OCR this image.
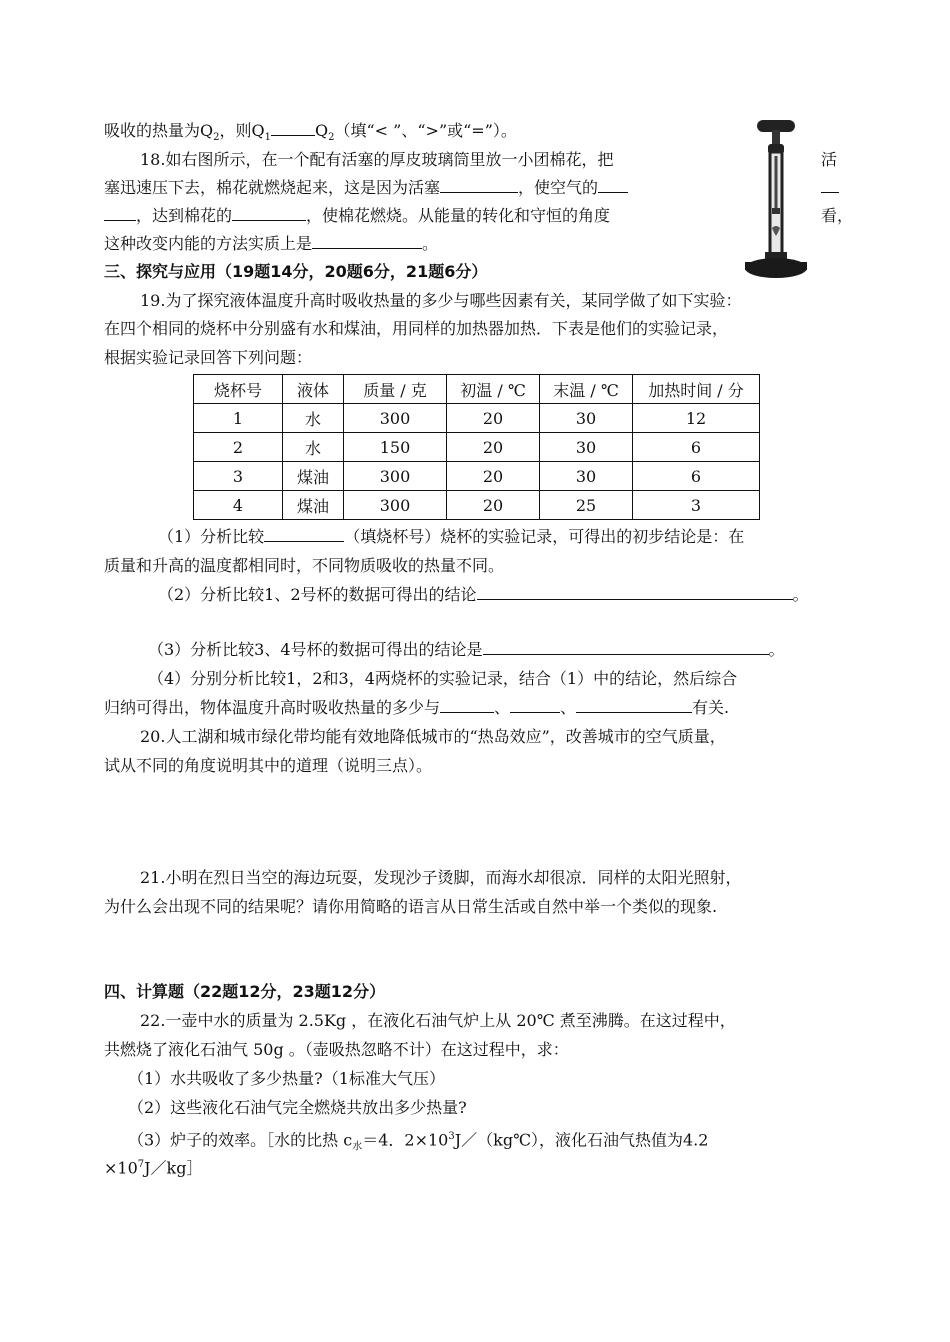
吸收的热量为$Q_2$，则$Q_1$	$Q_2$（填“< ”、“>”或“=”）。
18.如右图所示，在一个配有活塞的厚皮玻璃筒里放一小团棉花，把	活
塞迅速压下去，棉花就燃烧起来，这是因为活塞	，使空气的
，达到棉花的	，使棉花燃烧。从能量的转化和守恒的角度	看，
这种改变内能的方法实质上是	。
三、探究与应用（19题14分，20题6分，21题6分）
19.为了探究液体温度升高时吸收热量的多少与哪些因素有关，某同学做了如下实验：
在四个相同的烧杯中分别盛有水和煤油，用同样的加热器加热．下表是他们的实验记录，
根据实验记录回答下列问题：
烧杯号	液体	质量 / 克	初温 / ℃	末温 / ℃	加热时间 / 分
1	水	300	20	30	12
2	水	150	20	30	6
3	煤油	300	20	30	6
4	煤油	300	20	25	3
（1）分析比较	（填烧杯号）烧杯的实验记录，可得出的初步结论是：在
质量和升高的温度都相同时，不同物质吸收的热量不同。
（2）分析比较1、2号杯的数据可得出的结论	。
（3）分析比较3、4号杯的数据可得出的结论是	。
（4）分别分析比较1，2和3，4两烧杯的实验记录，结合（1）中的结论，然后综合
归纳可得出，物体温度升高时吸收热量的多少与	、	、	有关.
20.人工湖和城市绿化带均能有效地降低城市的“热岛效应”，改善城市的空气质量，
试从不同的角度说明其中的道理（说明三点）。
21.小明在烈日当空的海边玩耍，发现沙子烫脚，而海水却很凉．同样的太阳光照射，
为什么会出现不同的结果呢？请你用简略的语言从日常生活或自然中举一个类似的现象.
四、计算题（22题12分，23题12分）
22.一壶中水的质量为 2.5Kg ，在液化石油气炉上从 20℃ 煮至沸腾。在这过程中，
共燃烧了液化石油气 50g 。（壶吸热忽略不计）在这过程中，求：
（1）水共吸收了多少热量?（1标准大气压）
（2）这些液化石油气完全燃烧共放出多少热量?
（3）炉子的效率。［水的比热 $c_水=4$．$2\times 10^3J/(kg℃)$，液化石油气热值为4.2
$\times 10^7J/kg]$
